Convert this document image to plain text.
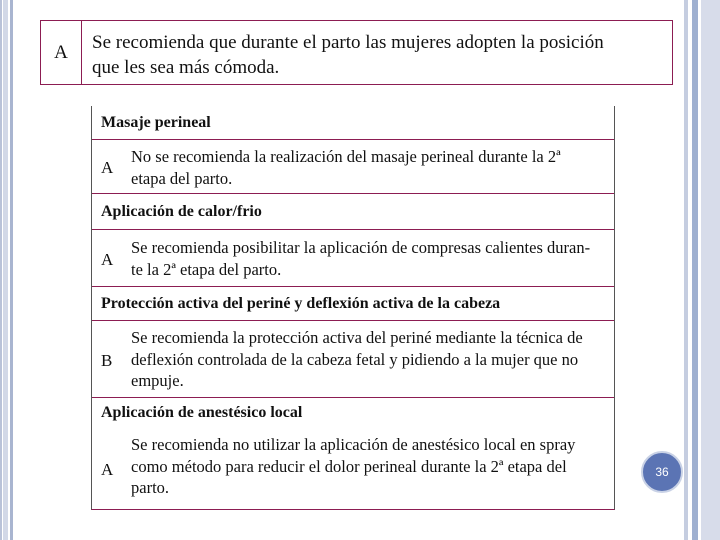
A	Se recomienda que durante el parto las mujeres adopten la posición
que les sea más cómoda.
Masaje perineal
A
No se recomienda la realización del masaje perineal durante la 2ª
etapa del parto.
Aplicación de calor/frio
A
Se recomienda posibilitar la aplicación de compresas calientes duran-
te la 2ª etapa del parto.
Protección activa del periné y deflexión activa de la cabeza
B
Se recomienda la protección activa del periné mediante la técnica de
deflexión controlada de la cabeza fetal y pidiendo a la mujer que no
empuje.
Aplicación de anestésico local
A
Se recomienda no utilizar la aplicación de anestésico local en spray
como método para reducir el dolor perineal durante la 2ª etapa del
parto.
36
